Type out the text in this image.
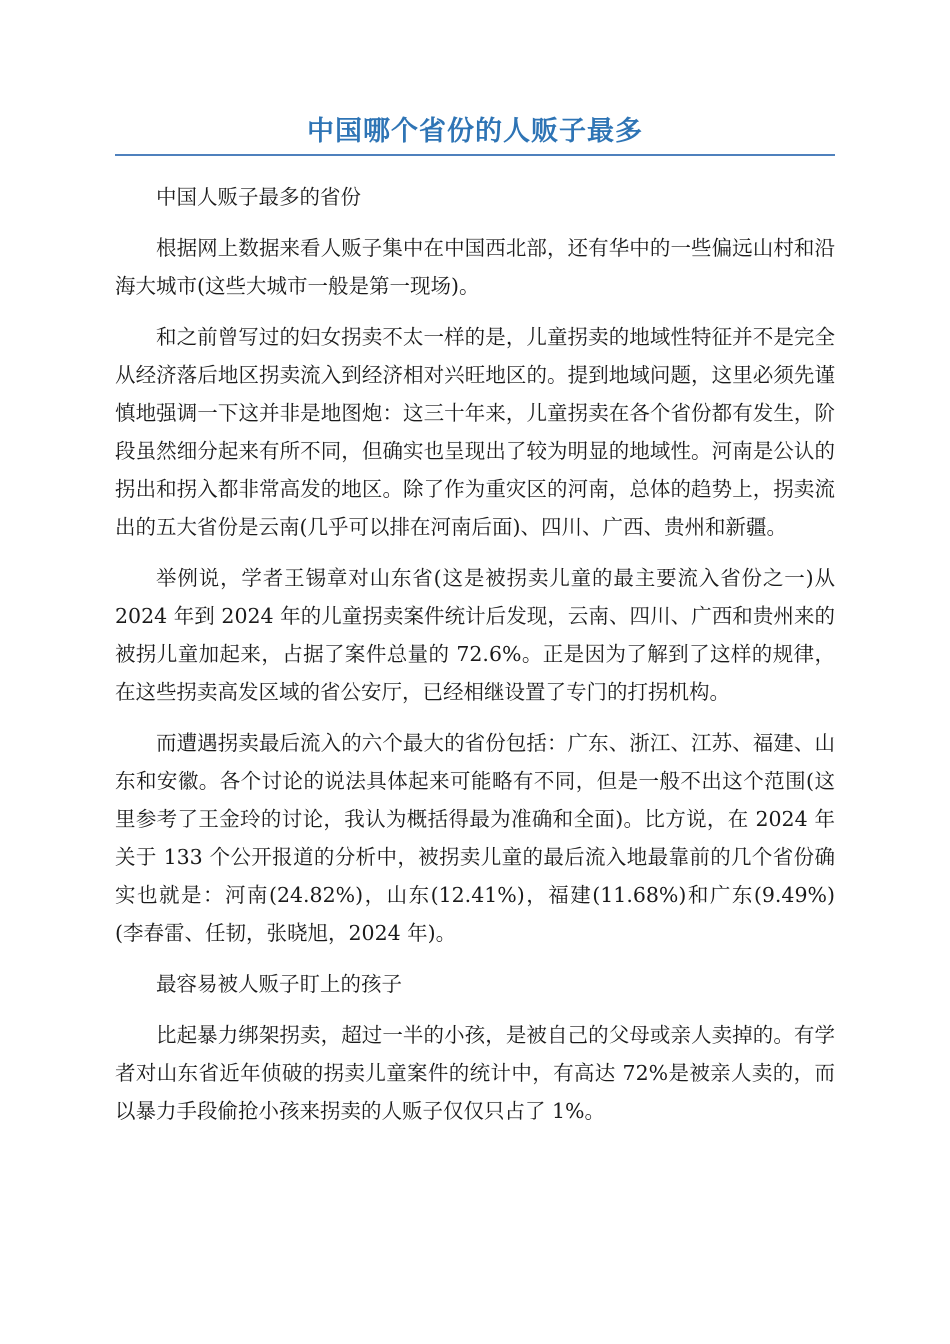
中国哪个省份的人贩子最多

中国人贩子最多的省份

根据网上数据来看人贩子集中在中国西北部，还有华中的一些偏远山村和沿海大城市(这些大城市一般是第一现场)。

和之前曾写过的妇女拐卖不太一样的是，儿童拐卖的地域性特征并不是完全从经济落后地区拐卖流入到经济相对兴旺地区的。提到地域问题，这里必须先谨慎地强调一下这并非是地图炮：这三十年来，儿童拐卖在各个省份都有发生，阶段虽然细分起来有所不同，但确实也呈现出了较为明显的地域性。河南是公认的拐出和拐入都非常高发的地区。除了作为重灾区的河南，总体的趋势上，拐卖流出的五大省份是云南(几乎可以排在河南后面)、四川、广西、贵州和新疆。

举例说，学者王锡章对山东省(这是被拐卖儿童的最主要流入省份之一)从 2024 年到 2024 年的儿童拐卖案件统计后发现，云南、四川、广西和贵州来的被拐儿童加起来，占据了案件总量的 72.6%。正是因为了解到了这样的规律，在这些拐卖高发区域的省公安厅，已经相继设置了专门的打拐机构。

而遭遇拐卖最后流入的六个最大的省份包括：广东、浙江、江苏、福建、山东和安徽。各个讨论的说法具体起来可能略有不同，但是一般不出这个范围(这里参考了王金玲的讨论，我认为概括得最为准确和全面)。比方说，在 2024 年关于 133 个公开报道的分析中，被拐卖儿童的最后流入地最靠前的几个省份确实也就是：河南(24.82%)，山东(12.41%)，福建(11.68%)和广东(9.49%)(李春雷、任韧，张晓旭，2024 年)。

最容易被人贩子盯上的孩子

比起暴力绑架拐卖，超过一半的小孩，是被自己的父母或亲人卖掉的。有学者对山东省近年侦破的拐卖儿童案件的统计中，有高达 72%是被亲人卖的，而以暴力手段偷抢小孩来拐卖的人贩子仅仅只占了 1%。
